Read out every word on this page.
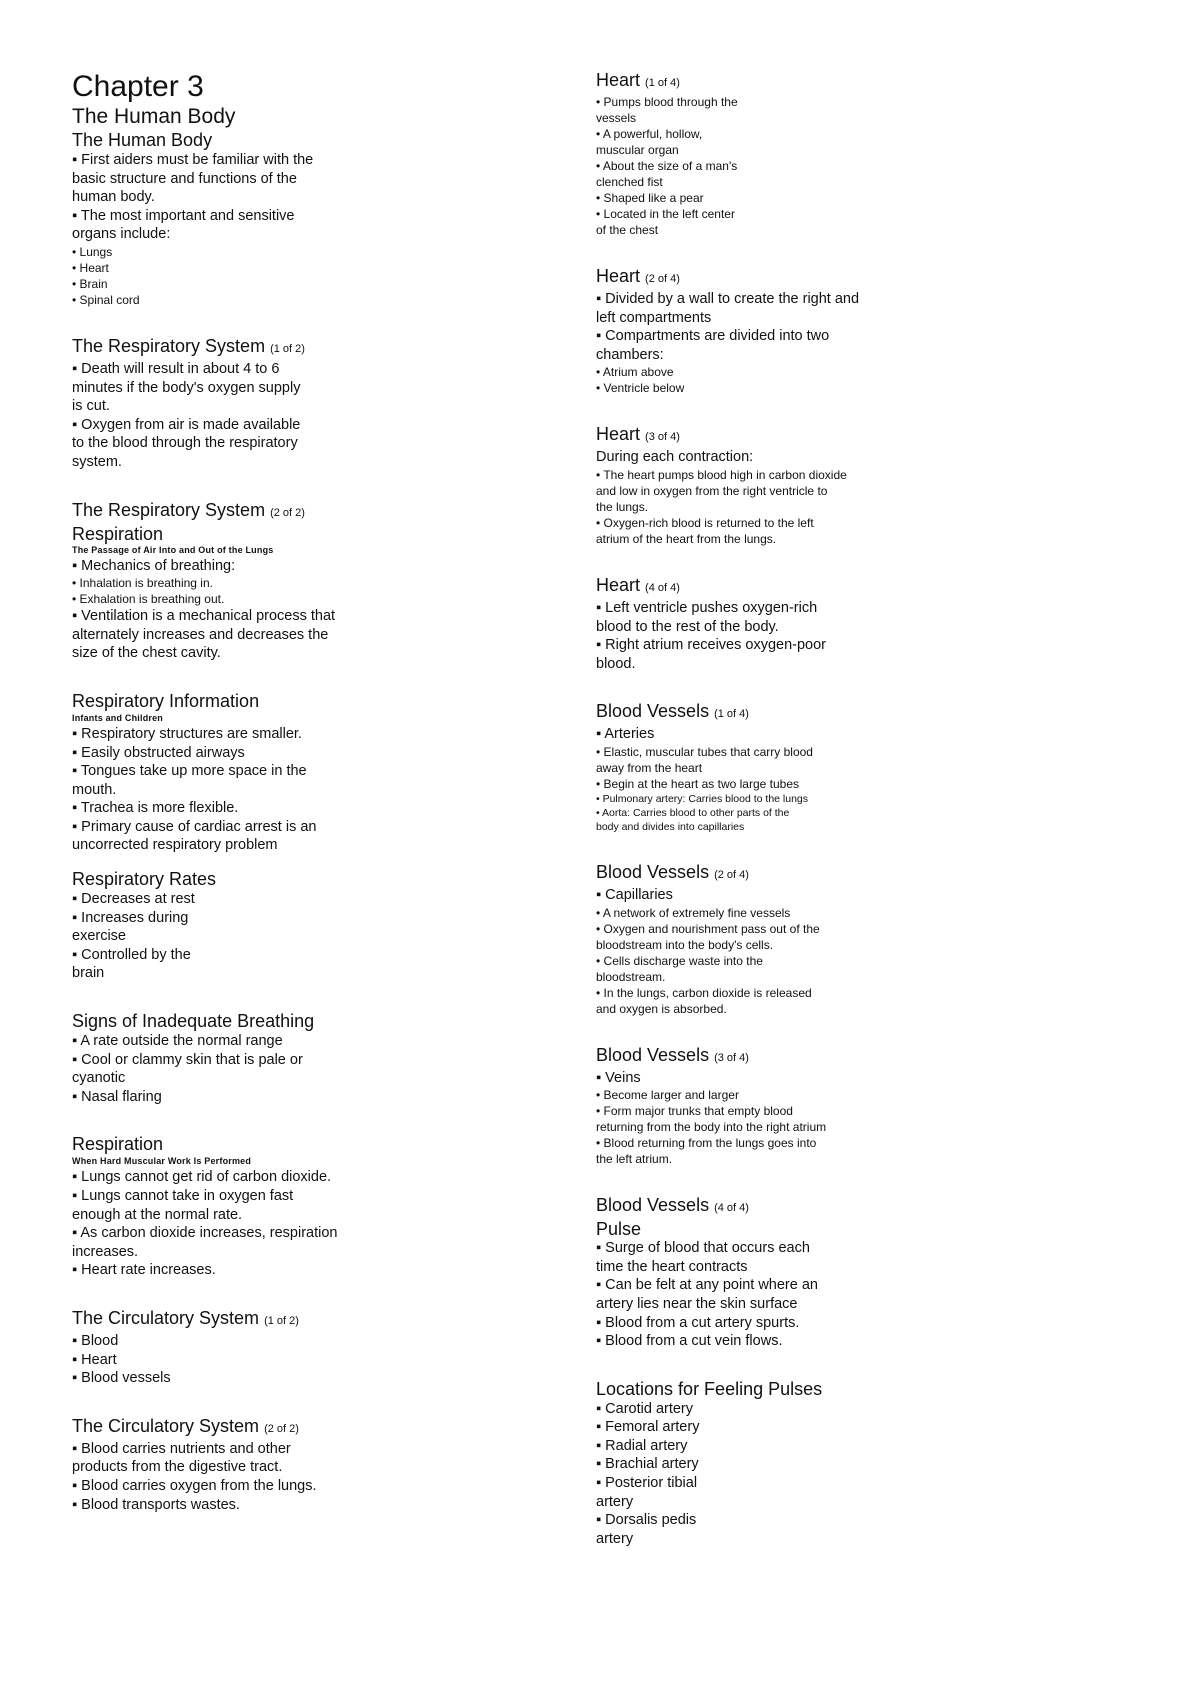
Chapter 3
The Human Body
The Human Body
▪ First aiders must be familiar with the
basic structure and functions of the
human body.
▪ The most important and sensitive
organs include:
• Lungs
• Heart
• Brain
• Spinal cord
The Respiratory System (1 of 2)
▪ Death will result in about 4 to 6
minutes if the body's oxygen supply
is cut.
▪ Oxygen from air is made available
to the blood through the respiratory
system.
The Respiratory System (2 of 2)
Respiration
The Passage of Air Into and Out of the Lungs
▪ Mechanics of breathing:
• Inhalation is breathing in.
• Exhalation is breathing out.
▪ Ventilation is a mechanical process that
alternately increases and decreases the
size of the chest cavity.
Respiratory Information
Infants and Children
▪ Respiratory structures are smaller.
▪ Easily obstructed airways
▪ Tongues take up more space in the
mouth.
▪ Trachea is more flexible.
▪ Primary cause of cardiac arrest is an
uncorrected respiratory problem
Respiratory Rates
▪ Decreases at rest
▪ Increases during
exercise
▪ Controlled by the
brain
Signs of Inadequate Breathing
▪ A rate outside the normal range
▪ Cool or clammy skin that is pale or
cyanotic
▪ Nasal flaring
Respiration
When Hard Muscular Work Is Performed
▪ Lungs cannot get rid of carbon dioxide.
▪ Lungs cannot take in oxygen fast
enough at the normal rate.
▪ As carbon dioxide increases, respiration
increases.
▪ Heart rate increases.
The Circulatory System (1 of 2)
▪ Blood
▪ Heart
▪ Blood vessels
The Circulatory System (2 of 2)
▪ Blood carries nutrients and other
products from the digestive tract.
▪ Blood carries oxygen from the lungs.
▪ Blood transports wastes.
Heart (1 of 4)
• Pumps blood through the
vessels
• A powerful, hollow,
muscular organ
• About the size of a man's
clenched fist
• Shaped like a pear
• Located in the left center
of the chest
Heart (2 of 4)
▪ Divided by a wall to create the right and
left compartments
▪ Compartments are divided into two
chambers:
• Atrium above
• Ventricle below
Heart (3 of 4)
During each contraction:
• The heart pumps blood high in carbon dioxide
and low in oxygen from the right ventricle to
the lungs.
• Oxygen-rich blood is returned to the left
atrium of the heart from the lungs.
Heart (4 of 4)
▪ Left ventricle pushes oxygen-rich
blood to the rest of the body.
▪ Right atrium receives oxygen-poor
blood.
Blood Vessels (1 of 4)
▪ Arteries
• Elastic, muscular tubes that carry blood
away from the heart
• Begin at the heart as two large tubes
• Pulmonary artery: Carries blood to the lungs
• Aorta: Carries blood to other parts of the
body and divides into capillaries
Blood Vessels (2 of 4)
▪ Capillaries
• A network of extremely fine vessels
• Oxygen and nourishment pass out of the
bloodstream into the body's cells.
• Cells discharge waste into the
bloodstream.
• In the lungs, carbon dioxide is released
and oxygen is absorbed.
Blood Vessels (3 of 4)
▪ Veins
• Become larger and larger
• Form major trunks that empty blood
returning from the body into the right atrium
• Blood returning from the lungs goes into
the left atrium.
Blood Vessels (4 of 4)
Pulse
▪ Surge of blood that occurs each
time the heart contracts
▪ Can be felt at any point where an
artery lies near the skin surface
▪ Blood from a cut artery spurts.
▪ Blood from a cut vein flows.
Locations for Feeling Pulses
▪ Carotid artery
▪ Femoral artery
▪ Radial artery
▪ Brachial artery
▪ Posterior tibial
artery
▪ Dorsalis pedis
artery
